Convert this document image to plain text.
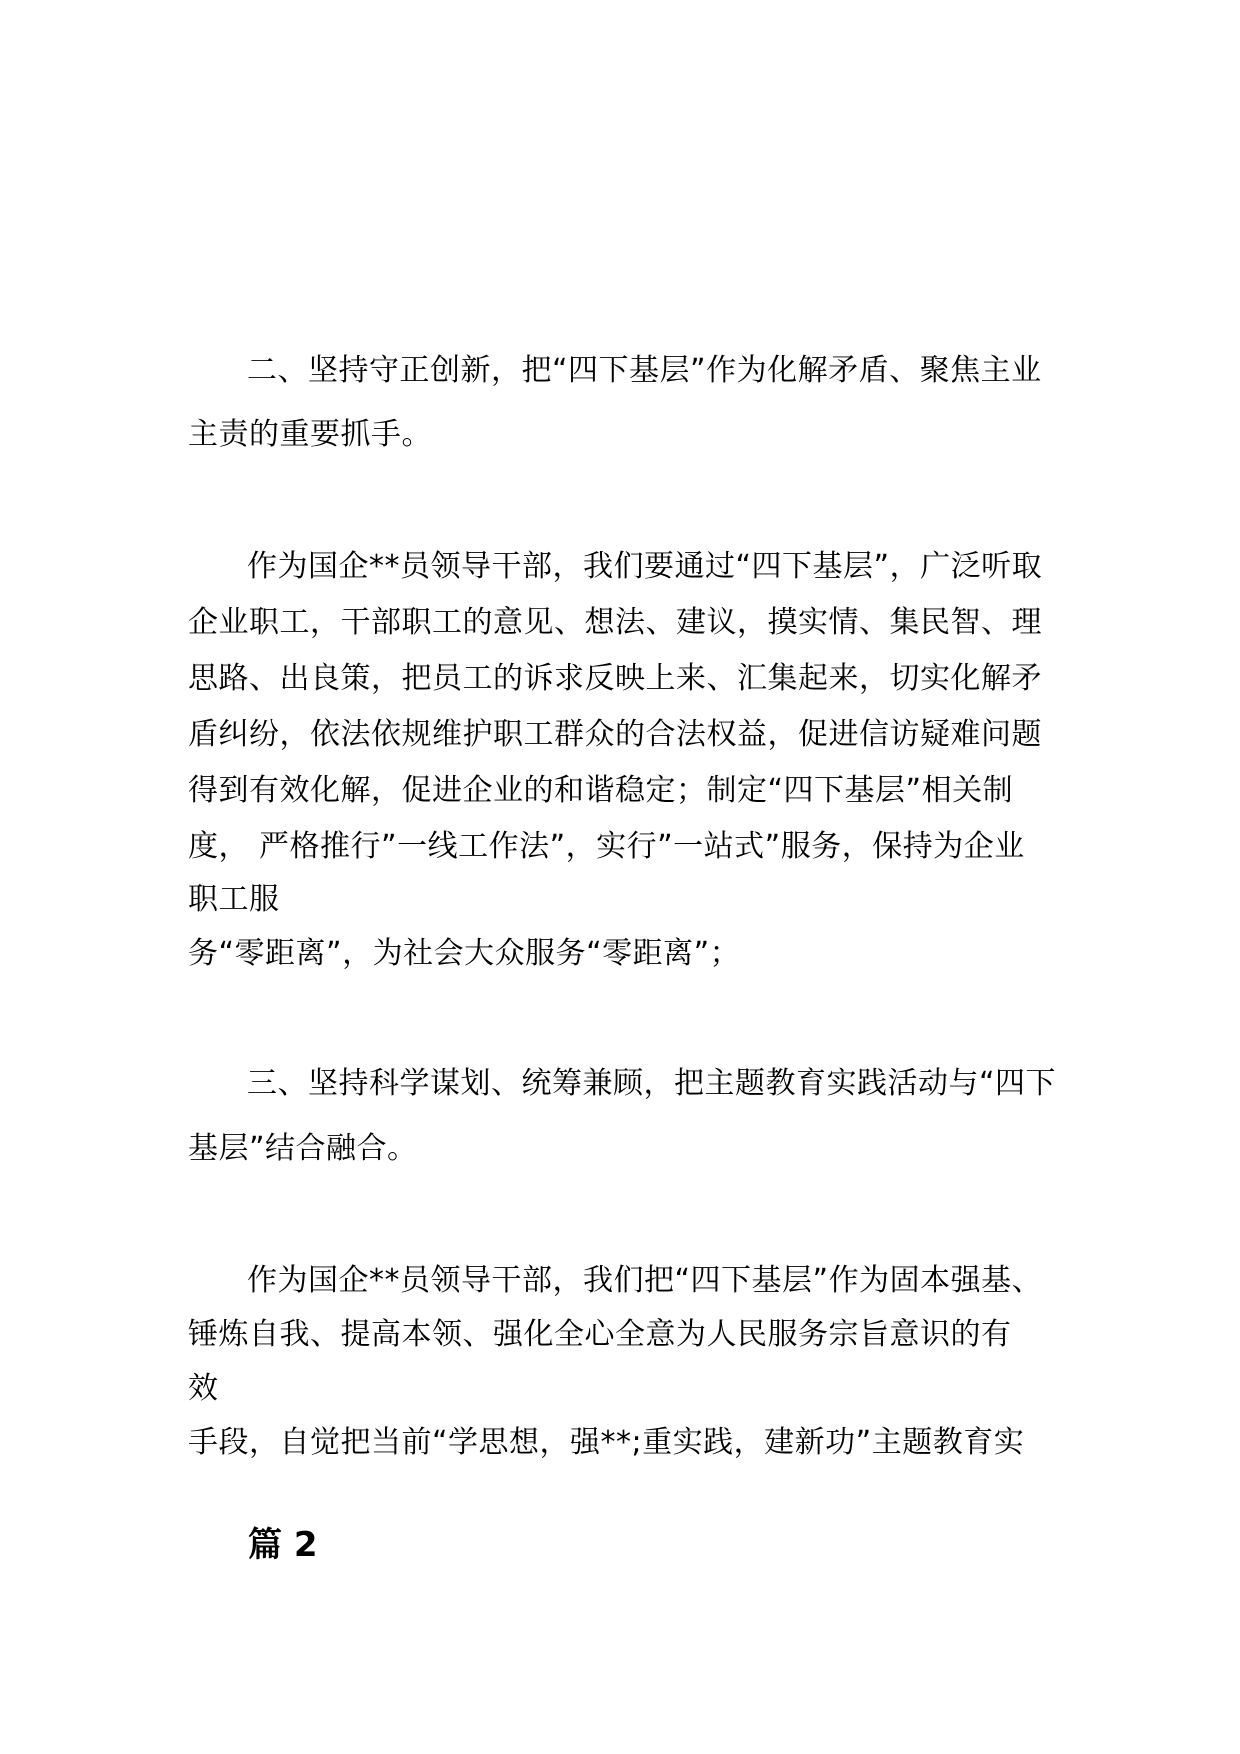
二、坚持守正创新，把“四下基层”作为化解矛盾、聚焦主业
主责的重要抓手。
作为国企**员领导干部，我们要通过“四下基层”，广泛听取
企业职工，干部职工的意见、想法、建议，摸实情、集民智、理
思路、出良策，把员工的诉求反映上来、汇集起来，切实化解矛
盾纠纷，依法依规维护职工群众的合法权益，促进信访疑难问题
得到有效化解，促进企业的和谐稳定；制定“四下基层”相关制
度， 严格推行”一线工作法”，实行”一站式”服务，保持为企业
职工服
务“零距离”，为社会大众服务“零距离”；
三、坚持科学谋划、统筹兼顾，把主题教育实践活动与“四下
基层”结合融合。
作为国企**员领导干部，我们把“四下基层”作为固本强基、
锤炼自我、提高本领、强化全心全意为人民服务宗旨意识的有
效
手段，自觉把当前“学思想，强**;重实践，建新功”主题教育实
篇 2
